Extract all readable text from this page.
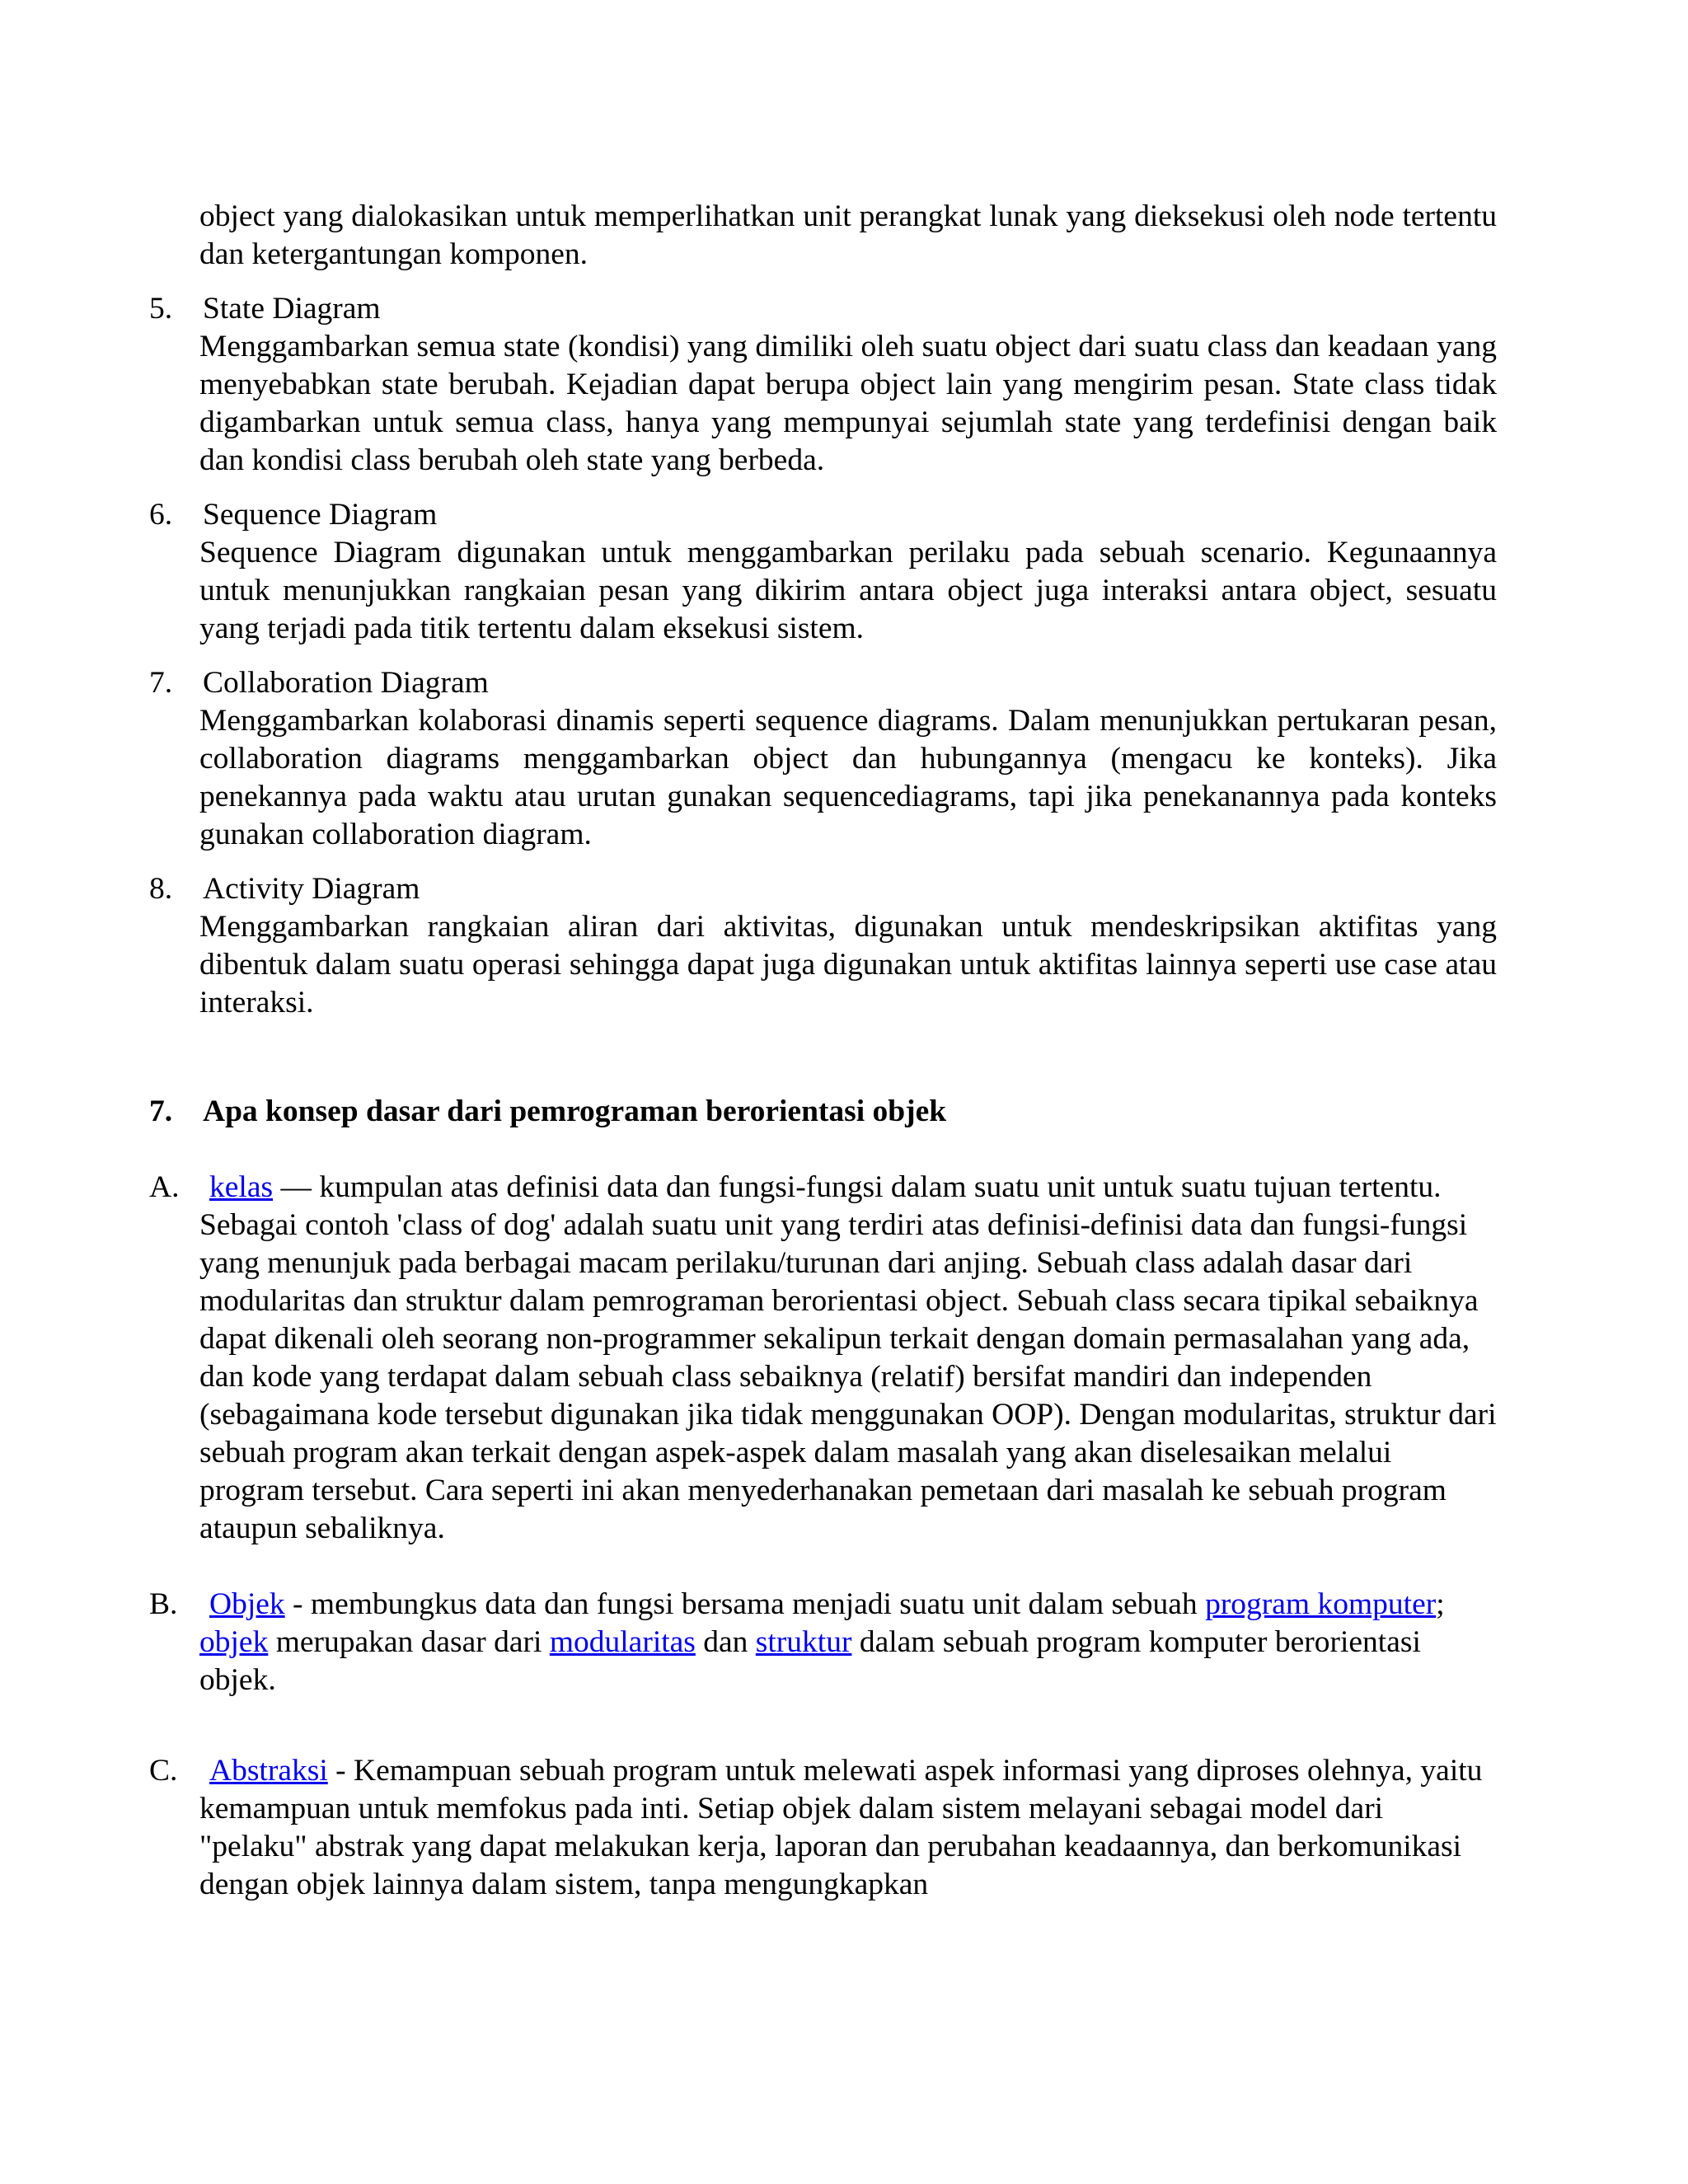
object yang dialokasikan untuk memperlihatkan unit perangkat lunak yang dieksekusi oleh node tertentu dan ketergantungan komponen.

5. State Diagram

Menggambarkan semua state (kondisi) yang dimiliki oleh suatu object dari suatu class dan keadaan yang menyebabkan state berubah. Kejadian dapat berupa object lain yang mengirim pesan. State class tidak digambarkan untuk semua class, hanya yang mempunyai sejumlah state yang terdefinisi dengan baik dan kondisi class berubah oleh state yang berbeda.

6. Sequence Diagram

Sequence Diagram digunakan untuk menggambarkan perilaku pada sebuah scenario. Kegunaannya untuk menunjukkan rangkaian pesan yang dikirim antara object juga interaksi antara object, sesuatu yang terjadi pada titik tertentu dalam eksekusi sistem.

7. Collaboration Diagram

Menggambarkan kolaborasi dinamis seperti sequence diagrams. Dalam menunjukkan pertukaran pesan, collaboration diagrams menggambarkan object dan hubungannya (mengacu ke konteks). Jika penekannya pada waktu atau urutan gunakan sequencediagrams, tapi jika penekanannya pada konteks gunakan collaboration diagram.

8. Activity Diagram

Menggambarkan rangkaian aliran dari aktivitas, digunakan untuk mendeskripsikan aktifitas yang dibentuk dalam suatu operasi sehingga dapat juga digunakan untuk aktifitas lainnya seperti use case atau interaksi.

7. Apa konsep dasar dari pemrograman berorientasi objek
A. kelas — kumpulan atas definisi data dan fungsi-fungsi dalam suatu unit untuk suatu tujuan tertentu. Sebagai contoh 'class of dog' adalah suatu unit yang terdiri atas definisi-definisi data dan fungsi-fungsi yang menunjuk pada berbagai macam perilaku/turunan dari anjing. Sebuah class adalah dasar dari modularitas dan struktur dalam pemrograman berorientasi object. Sebuah class secara tipikal sebaiknya dapat dikenali oleh seorang non-programmer sekalipun terkait dengan domain permasalahan yang ada, dan kode yang terdapat dalam sebuah class sebaiknya (relatif) bersifat mandiri dan independen (sebagaimana kode tersebut digunakan jika tidak menggunakan OOP). Dengan modularitas, struktur dari sebuah program akan terkait dengan aspek-aspek dalam masalah yang akan diselesaikan melalui program tersebut. Cara seperti ini akan menyederhanakan pemetaan dari masalah ke sebuah program ataupun sebaliknya.

B.	Objek - membungkus data dan fungsi bersama menjadi suatu unit dalam sebuah program komputer; objek merupakan dasar dari modularitas dan struktur dalam sebuah program komputer berorientasi objek.

C.	Abstraksi - Kemampuan sebuah program untuk melewati aspek informasi yang diproses olehnya, yaitu kemampuan untuk memfokus pada inti. Setiap objek dalam sistem melayani sebagai model dari "pelaku" abstrak yang dapat melakukan kerja, laporan dan perubahan keadaannya, dan berkomunikasi dengan objek lainnya dalam sistem, tanpa mengungkapkan
